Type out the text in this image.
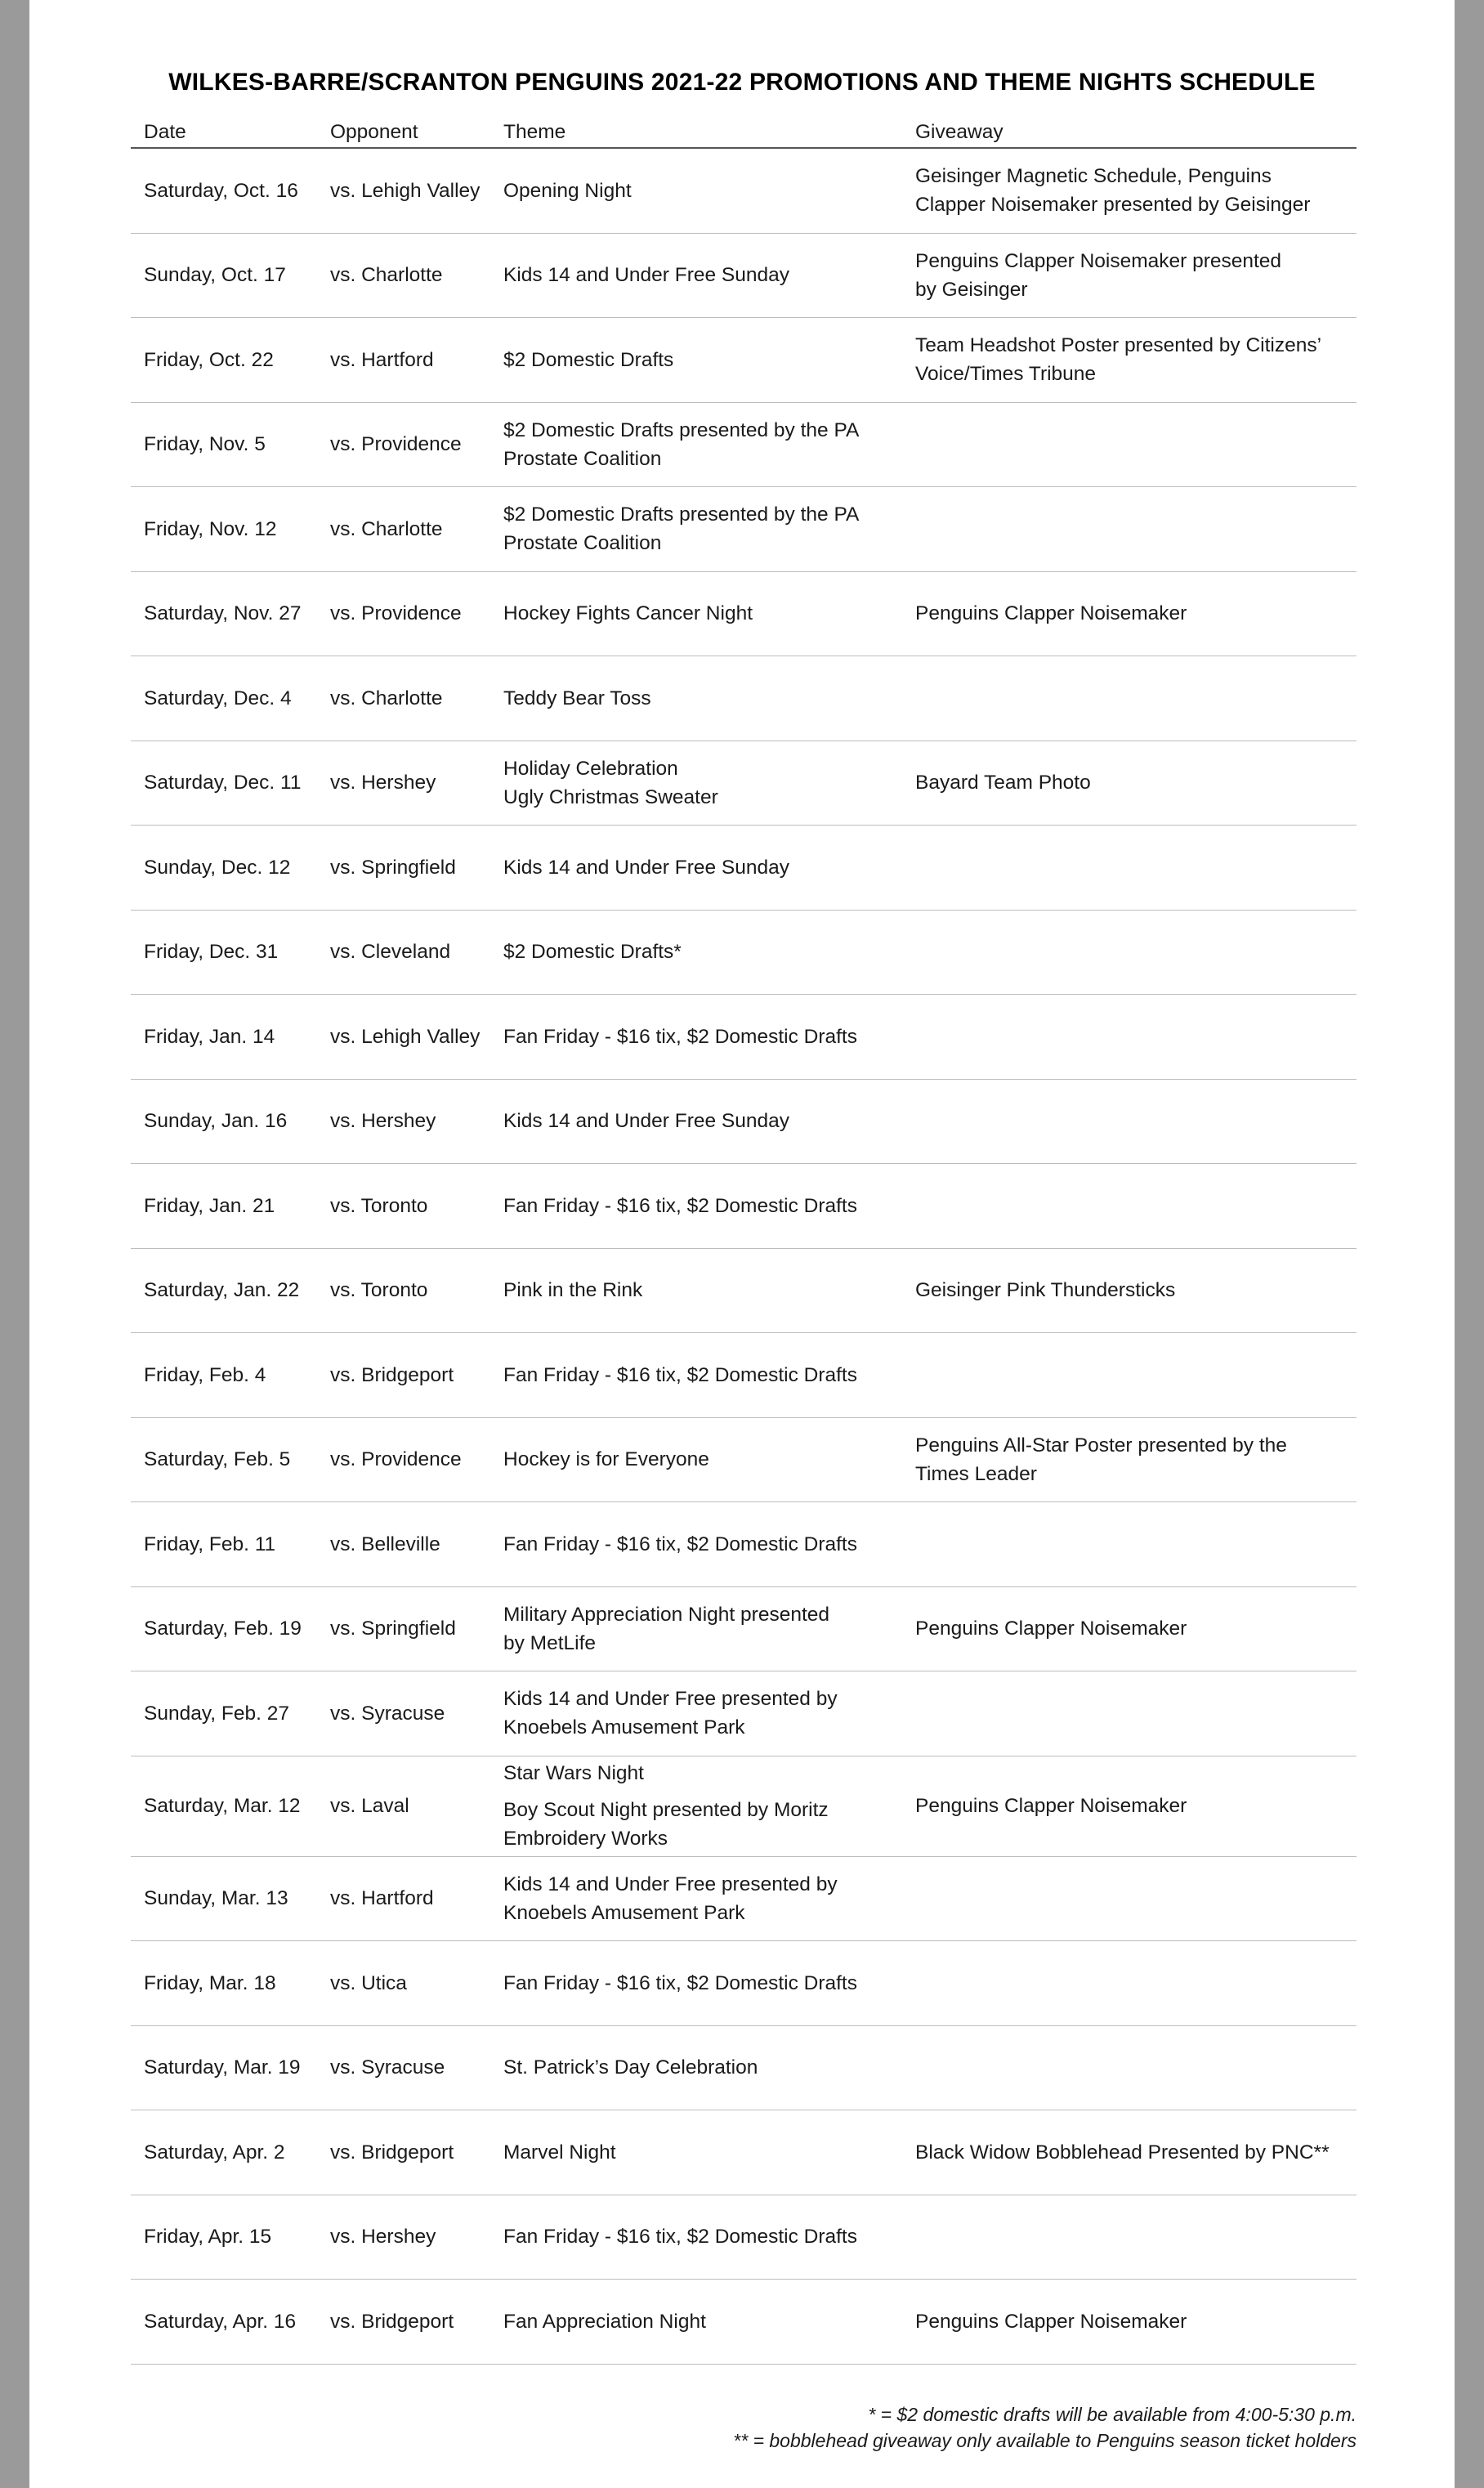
WILKES-BARRE/SCRANTON PENGUINS 2021-22 PROMOTIONS AND THEME NIGHTS SCHEDULE
Date	Opponent	Theme	Giveaway
Saturday, Oct. 16	vs. Lehigh Valley	Opening Night	Geisinger Magnetic Schedule, Penguins
Clapper Noisemaker presented by Geisinger

Sunday, Oct. 17	vs. Charlotte	Kids 14 and Under Free Sunday	Penguins Clapper Noisemaker presented
by Geisinger

Friday, Oct. 22	vs. Hartford	$2 Domestic Drafts	Team Headshot Poster presented by Citizens’
Voice/Times Tribune

Friday, Nov. 5	vs. Providence	$2 Domestic Drafts presented by the PA
Prostate Coalition	

Friday, Nov. 12	vs. Charlotte	$2 Domestic Drafts presented by the PA
Prostate Coalition	

Saturday, Nov. 27	vs. Providence	Hockey Fights Cancer Night	Penguins Clapper Noisemaker

Saturday, Dec. 4	vs. Charlotte	Teddy Bear Toss	

Saturday, Dec. 11	vs. Hershey	Holiday Celebration
Ugly Christmas Sweater	Bayard Team Photo

Sunday, Dec. 12	vs. Springfield	Kids 14 and Under Free Sunday	

Friday, Dec. 31	vs. Cleveland	$2 Domestic Drafts*	

Friday, Jan. 14	vs. Lehigh Valley	Fan Friday - $16 tix, $2 Domestic Drafts	

Sunday, Jan. 16	vs. Hershey	Kids 14 and Under Free Sunday	

Friday, Jan. 21	vs. Toronto	Fan Friday - $16 tix, $2 Domestic Drafts	

Saturday, Jan. 22	vs. Toronto	Pink in the Rink	Geisinger Pink Thundersticks

Friday, Feb. 4	vs. Bridgeport	Fan Friday - $16 tix, $2 Domestic Drafts	

Saturday, Feb. 5	vs. Providence	Hockey is for Everyone	Penguins All-Star Poster presented by the
Times Leader

Friday, Feb. 11	vs. Belleville	Fan Friday - $16 tix, $2 Domestic Drafts	

Saturday, Feb. 19	vs. Springfield	Military Appreciation Night presented
by MetLife	Penguins Clapper Noisemaker

Sunday, Feb. 27	vs. Syracuse	Kids 14 and Under Free presented by
Knoebels Amusement Park	

Saturday, Mar. 12	vs. Laval	Star Wars Night
Boy Scout Night presented by Moritz
Embroidery Works	Penguins Clapper Noisemaker

Sunday, Mar. 13	vs. Hartford	Kids 14 and Under Free presented by
Knoebels Amusement Park	

Friday, Mar. 18	vs. Utica	Fan Friday - $16 tix, $2 Domestic Drafts	

Saturday, Mar. 19	vs. Syracuse	St. Patrick’s Day Celebration	

Saturday, Apr. 2	vs. Bridgeport	Marvel Night	Black Widow Bobblehead Presented by PNC**

Friday, Apr. 15	vs. Hershey	Fan Friday - $16 tix, $2 Domestic Drafts	

Saturday, Apr. 16	vs. Bridgeport	Fan Appreciation Night	Penguins Clapper Noisemaker
* = $2 domestic drafts will be available from 4:00-5:30 p.m.
** = bobblehead giveaway only available to Penguins season ticket holders
